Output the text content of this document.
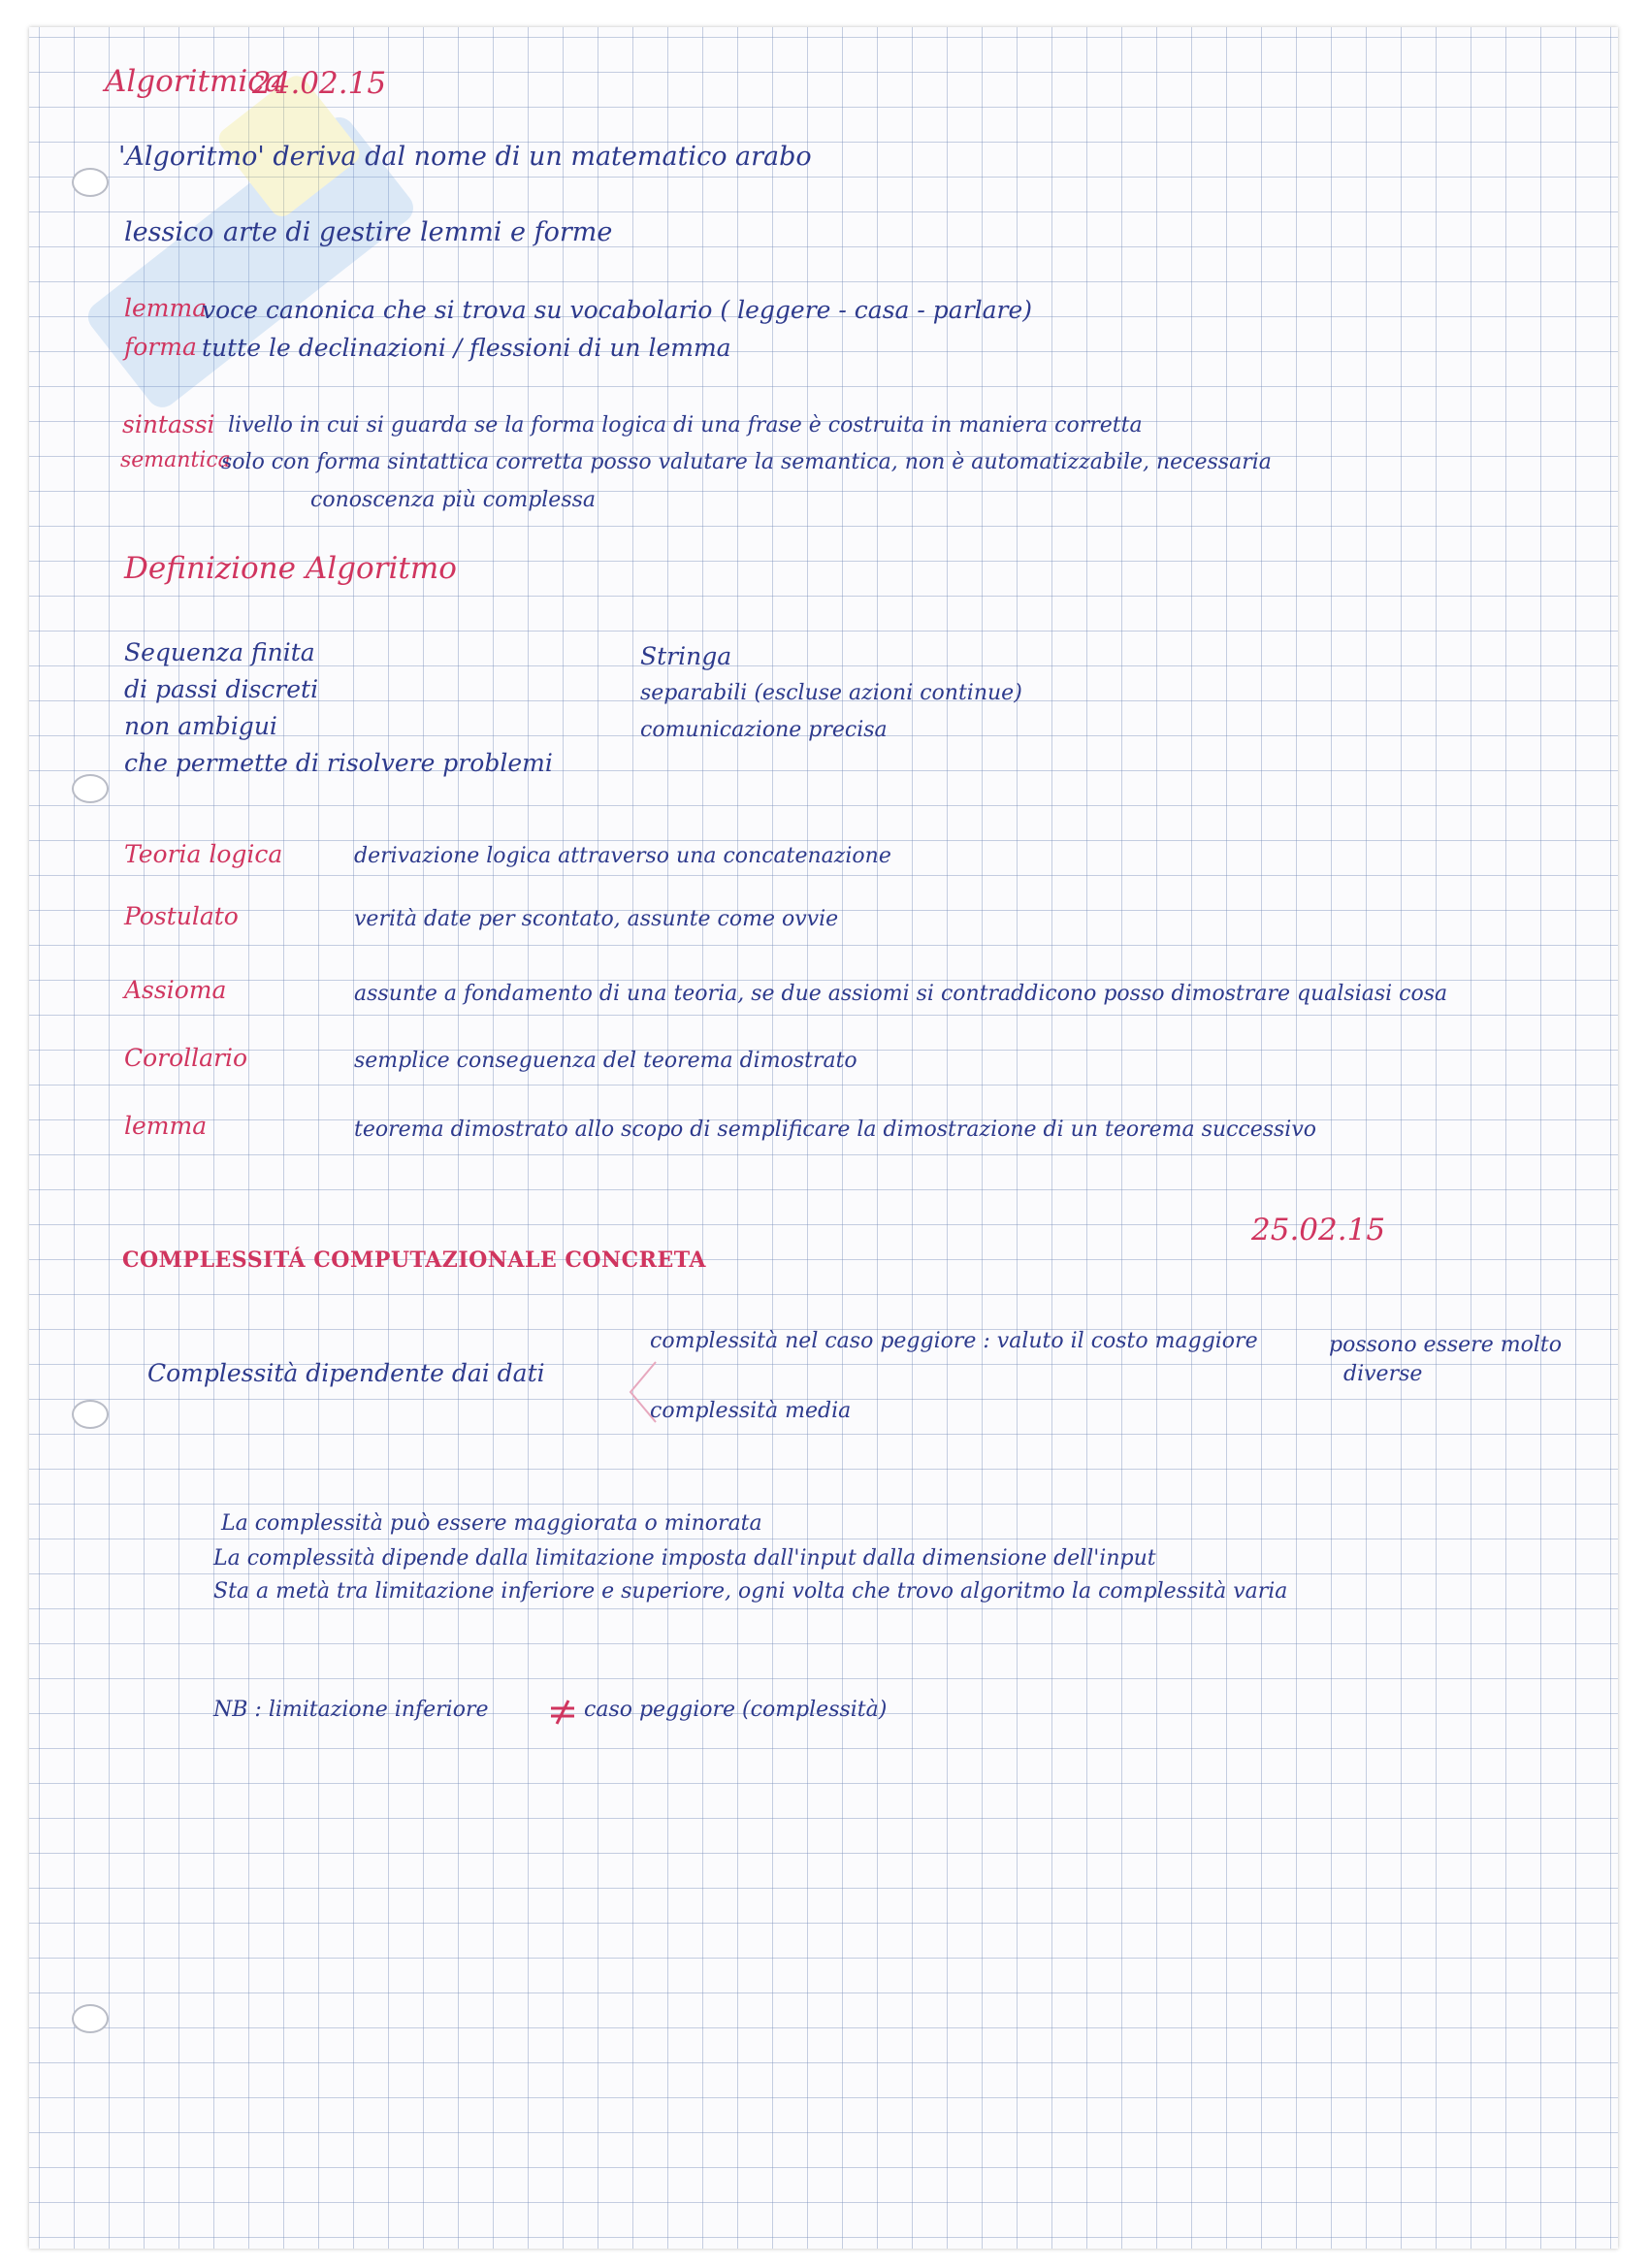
Algoritmica
24.02.15
'Algoritmo' deriva dal nome di un matematico arabo
lessico arte di gestire lemmi e forme
lemma
voce canonica che si trova su vocabolario ( leggere - casa - parlare)
forma tutte le declinazioni / flessioni di un lemma
sintassi livello in cui si guarda se la forma logica di una frase è costruita in maniera corretta
semantica
solo con forma sintattica corretta posso valutare la semantica, non è automatizzabile, necessaria
conoscenza più complessa
Definizione Algoritmo
Sequenza finita
di passi discreti
non ambigui
che permette di risolvere problemi
Stringa
separabili (escluse azioni continue)
comunicazione precisa
Teoria logica	derivazione logica attraverso una concatenazione
Postulato	verità date per scontato, assunte come ovvie
Assioma	assunte a fondamento di una teoria, se due assiomi si contraddicono posso dimostrare qualsiasi cosa
Corollario	semplice conseguenza del teorema dimostrato
lemma	teorema dimostrato allo scopo di semplificare la dimostrazione di un teorema successivo
25.02.15
COMPLESSITÁ COMPUTAZIONALE CONCRETA
complessità nel caso peggiore : valuto il costo maggiore
Complessità dipendente dai dati
complessità media
possono essere molto
diverse
La complessità può essere maggiorata o minorata
La complessità dipende dalla limitazione imposta dall'input dalla dimensione dell'input
Sta a metà tra limitazione inferiore e superiore, ogni volta che trovo algoritmo la complessità varia
NB : limitazione inferiore	caso peggiore (complessità)
